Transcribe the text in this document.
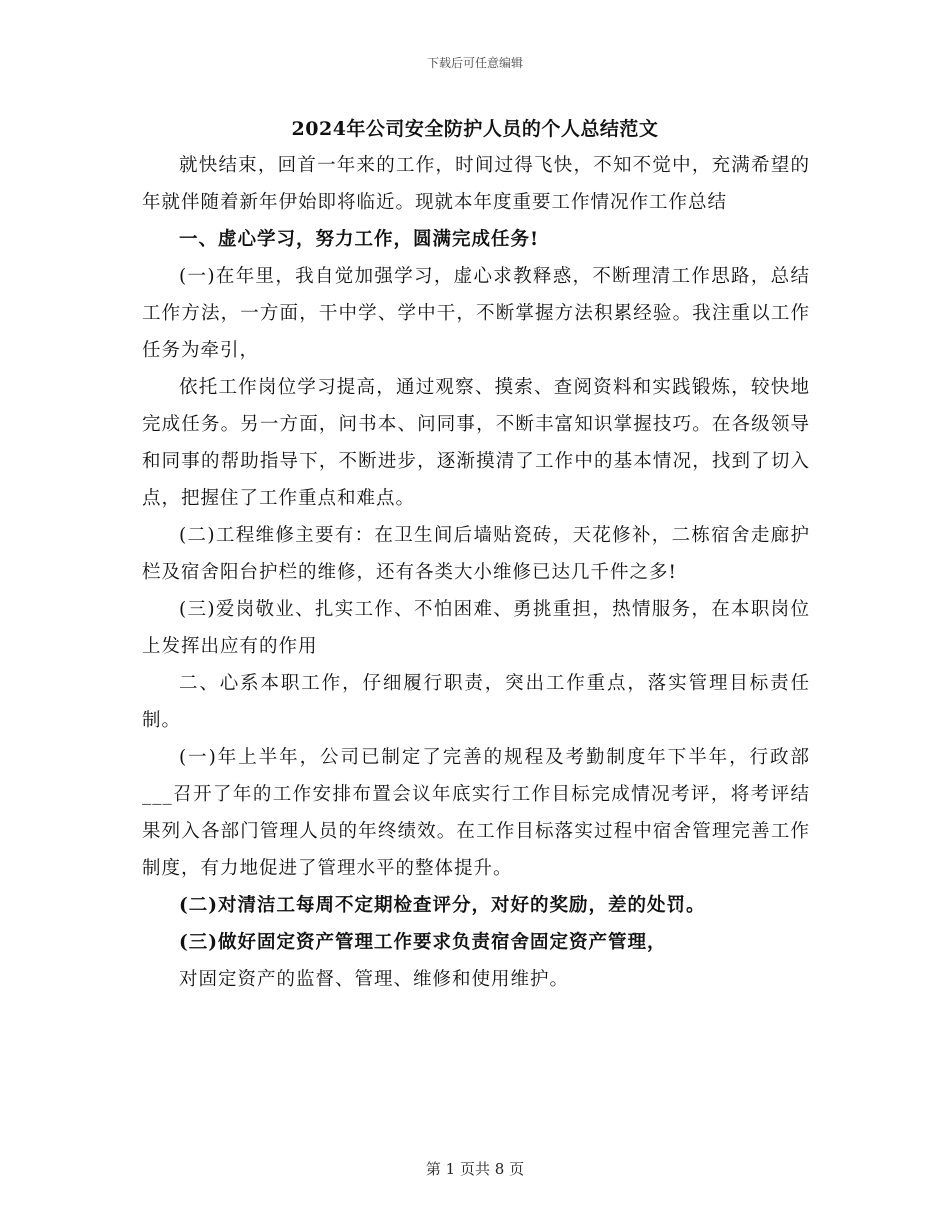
下载后可任意编辑
2024年公司安全防护人员的个人总结范文

就快结束，回首一年来的工作，时间过得飞快，不知不觉中，充满希望的年就伴随着新年伊始即将临近。现就本年度重要工作情况作工作总结

一、虚心学习，努力工作，圆满完成任务!

(一)在年里，我自觉加强学习，虚心求教释惑，不断理清工作思路，总结工作方法，一方面，干中学、学中干，不断掌握方法积累经验。我注重以工作任务为牵引，

依托工作岗位学习提高，通过观察、摸索、查阅资料和实践锻炼，较快地完成任务。另一方面，问书本、问同事，不断丰富知识掌握技巧。在各级领导和同事的帮助指导下，不断进步，逐渐摸清了工作中的基本情况，找到了切入点，把握住了工作重点和难点。

(二)工程维修主要有：在卫生间后墙贴瓷砖，天花修补，二栋宿舍走廊护栏及宿舍阳台护栏的维修，还有各类大小维修已达几千件之多!

(三)爱岗敬业、扎实工作、不怕困难、勇挑重担，热情服务，在本职岗位上发挥出应有的作用

二、心系本职工作，仔细履行职责，突出工作重点，落实管理目标责任制。

(一)年上半年，公司已制定了完善的规程及考勤制度年下半年，行政部___召开了年的工作安排布置会议年底实行工作目标完成情况考评，将考评结果列入各部门管理人员的年终绩效。在工作目标落实过程中宿舍管理完善工作制度，有力地促进了管理水平的整体提升。

(二)对清洁工每周不定期检查评分，对好的奖励，差的处罚。

(三)做好固定资产管理工作要求负责宿舍固定资产管理，

对固定资产的监督、管理、维修和使用维护。

第 1 页共 8 页
